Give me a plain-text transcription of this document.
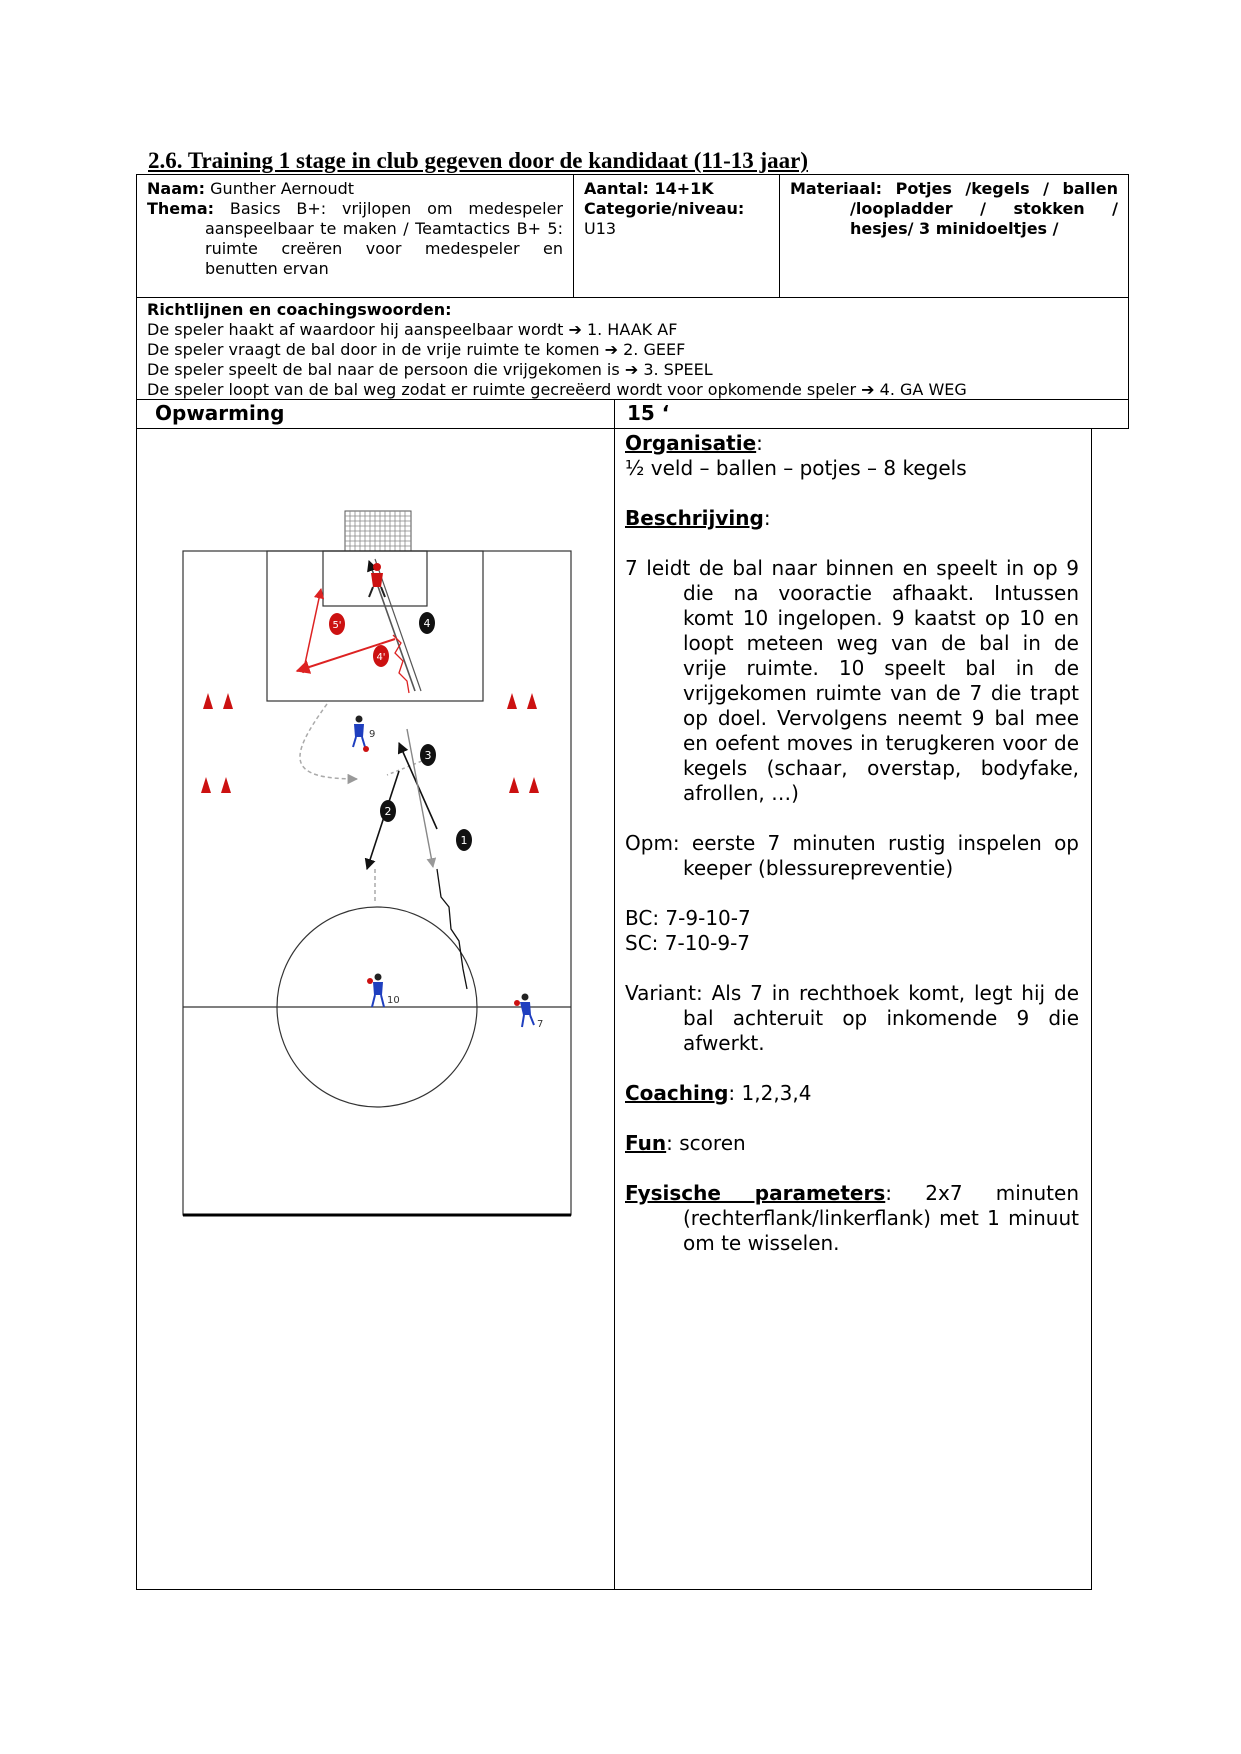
2.6. Training 1 stage in club gegeven door de kandidaat (11-13 jaar)
Naam: Gunther Aernoudt
Thema: Basics B+: vrijlopen om medespeler aanspeelbaar te maken / Teamtactics B+ 5: ruimte creëren voor medespeler en benutten ervan
Aantal: 14+1K
Categorie/niveau:
U13
Materiaal: Potjes /kegels / ballen /loopladder / stokken / hesjes/ 3 minidoeltjes /
Richtlijnen en coachingswoorden:
De speler haakt af waardoor hij aanspeelbaar wordt ➔ 1. HAAK AF
De speler vraagt de bal door in de vrije ruimte te komen ➔ 2. GEEF
De speler speelt de bal naar de persoon die vrijgekomen is ➔ 3. SPEEL
De speler loopt van de bal weg zodat er ruimte gecreëerd wordt voor opkomende speler ➔ 4. GA WEG
Opwarming	15 ‘
1
2
3
4
4'
5'
9
10
7
Organisatie:
½ veld – ballen – potjes – 8 kegels
Beschrijving:
7 leidt de bal naar binnen en speelt in op 9 die na vooractie afhaakt. Intussen komt 10 ingelopen. 9 kaatst op 10 en loopt meteen weg van de bal in de vrije ruimte. 10 speelt bal in de vrijgekomen ruimte van de 7 die trapt op doel. Vervolgens neemt 9 bal mee en oefent moves in terugkeren voor de kegels (schaar, overstap, bodyfake, afrollen, …)
Opm: eerste 7 minuten rustig inspelen op keeper (blessurepreventie)
BC: 7-9-10-7
SC: 7-10-9-7
Variant: Als 7 in rechthoek komt, legt hij de bal achteruit op inkomende 9 die afwerkt.
Coaching: 1,2,3,4
Fun: scoren
Fysische parameters: 2x7 minuten (rechterflank/linkerflank) met 1 minuut om te wisselen.
